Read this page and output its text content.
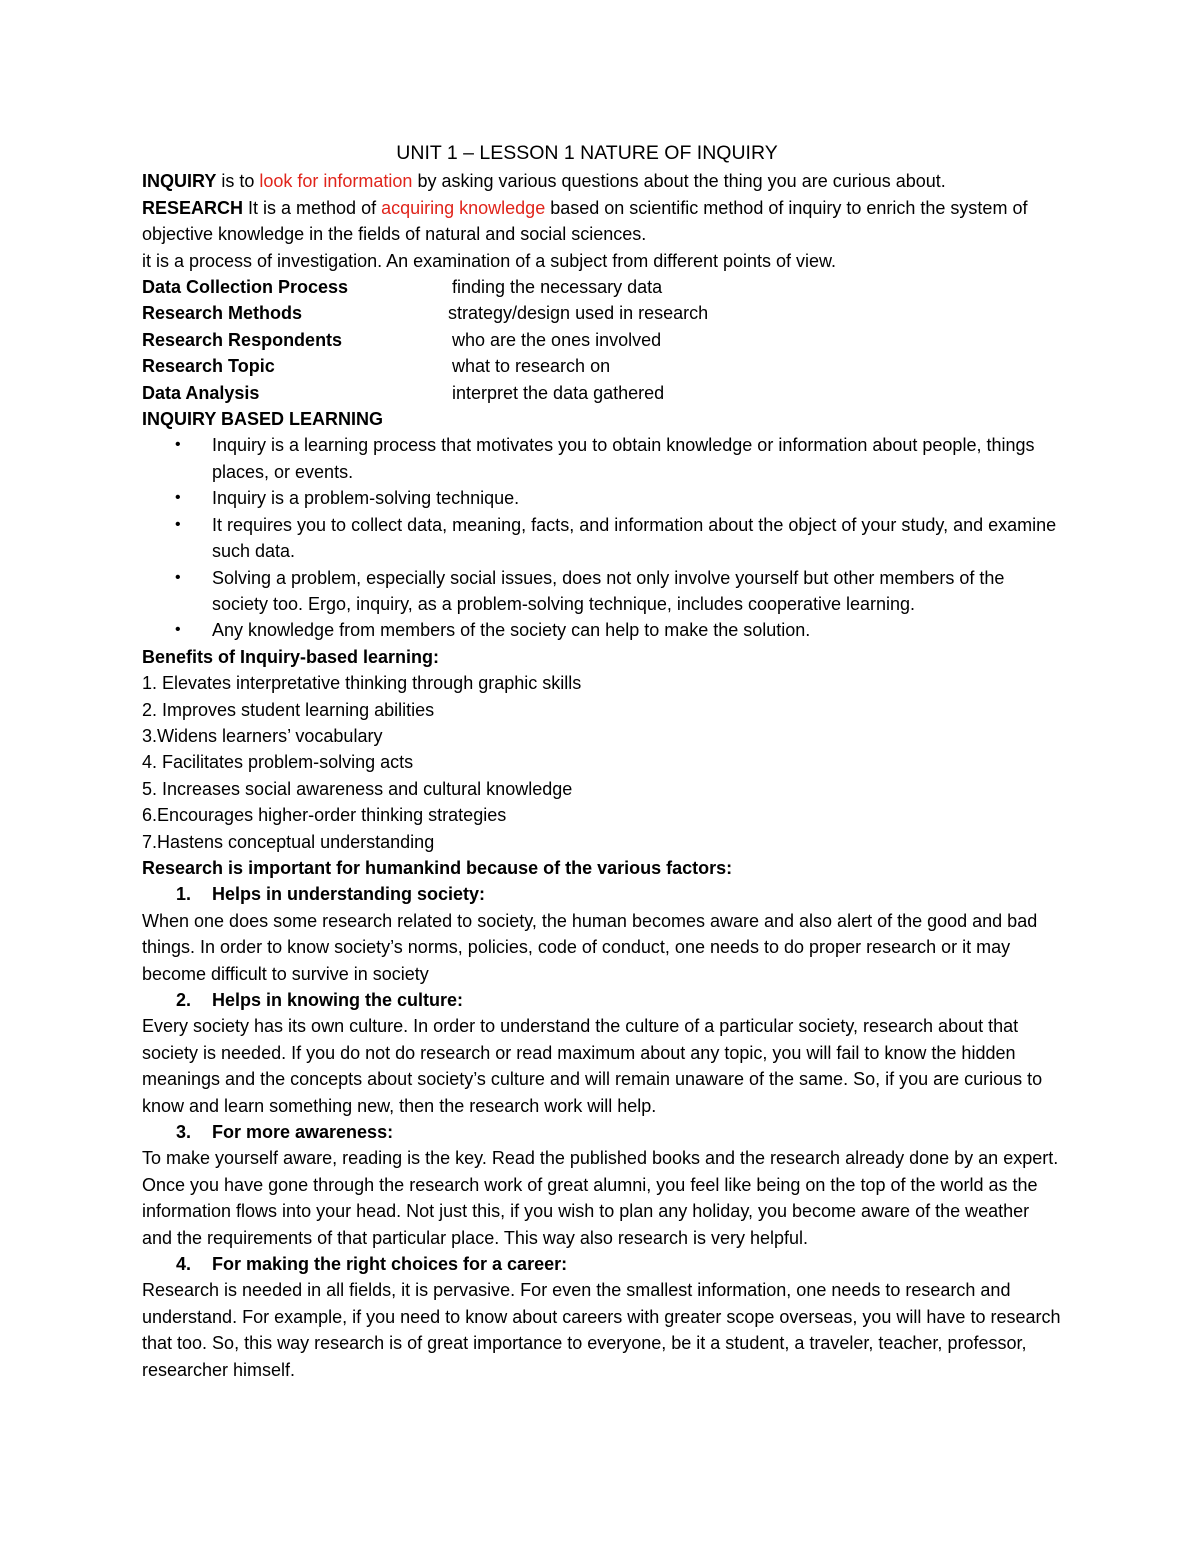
UNIT 1 – LESSON 1 NATURE OF INQUIRY

INQUIRY is to look for information by asking various questions about the thing you are curious about.

RESEARCH It is a method of acquiring knowledge based on scientific method of inquiry to enrich the system of objective knowledge in the fields of natural and social sciences.

it is a process of investigation. An examination of a subject from different points of view.

Data Collection Process	finding the necessary data
Research Methods	strategy/design used in research
Research Respondents	who are the ones involved
Research Topic	what to research on
Data Analysis	interpret the data gathered

INQUIRY BASED LEARNING

• Inquiry is a learning process that motivates you to obtain knowledge or information about people, things places, or events.
• Inquiry is a problem-solving technique.
• It requires you to collect data, meaning, facts, and information about the object of your study, and examine such data.
• Solving a problem, especially social issues, does not only involve yourself but other members of the society too. Ergo, inquiry, as a problem-solving technique, includes cooperative learning.
• Any knowledge from members of the society can help to make the solution.

Benefits of Inquiry-based learning:

1. Elevates interpretative thinking through graphic skills

2. Improves student learning abilities

3.Widens learners’ vocabulary

4. Facilitates problem-solving acts

5. Increases social awareness and cultural knowledge

6.Encourages higher-order thinking strategies

7.Hastens conceptual understanding

Research is important for humankind because of the various factors:

1. Helps in understanding society:

When one does some research related to society, the human becomes aware and also alert of the good and bad things. In order to know society’s norms, policies, code of conduct, one needs to do proper research or it may become difficult to survive in society

2. Helps in knowing the culture:

Every society has its own culture. In order to understand the culture of a particular society, research about that society is needed. If you do not do research or read maximum about any topic, you will fail to know the hidden meanings and the concepts about society’s culture and will remain unaware of the same. So, if you are curious to know and learn something new, then the research work will help.

3. For more awareness:

To make yourself aware, reading is the key. Read the published books and the research already done by an expert. Once you have gone through the research work of great alumni, you feel like being on the top of the world as the information flows into your head. Not just this, if you wish to plan any holiday, you become aware of the weather and the requirements of that particular place. This way also research is very helpful.

4. For making the right choices for a career:

Research is needed in all fields, it is pervasive. For even the smallest information, one needs to research and understand. For example, if you need to know about careers with greater scope overseas, you will have to research that too. So, this way research is of great importance to everyone, be it a student, a traveler, teacher, professor, researcher himself.
